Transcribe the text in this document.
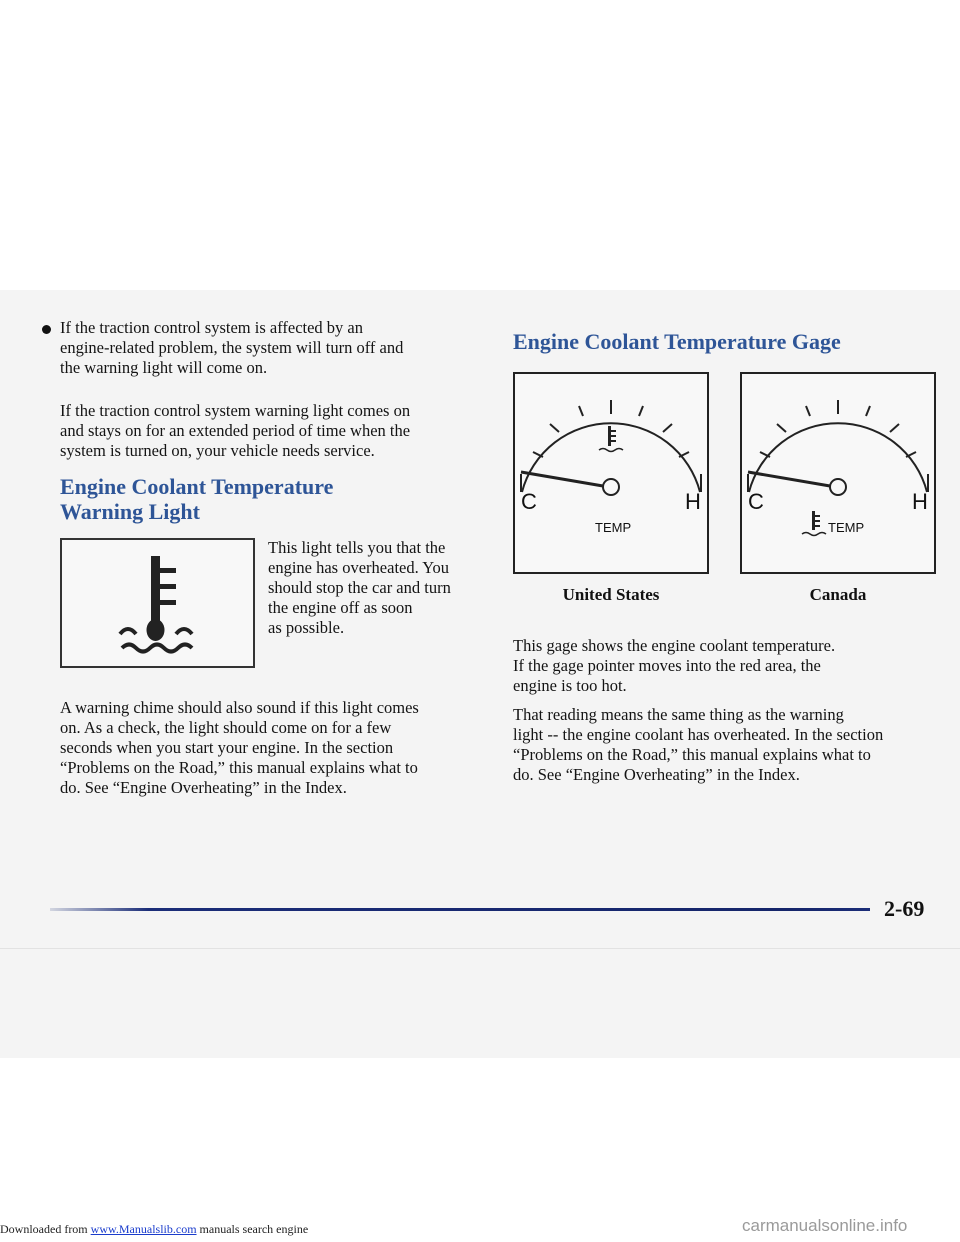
If the traction control system is affected by an
engine-related problem, the system will turn off and
the warning light will come on.
If the traction control system warning light comes on
and stays on for an extended period of time when the
system is turned on, your vehicle needs service.
Engine Coolant Temperature
Warning Light
This light tells you that the
engine has overheated. You
should stop the car and turn
the engine off as soon
as possible.
A warning chime should also sound if this light comes
on. As a check, the light should come on for a few
seconds when you start your engine. In the section
“Problems on the Road,” this manual explains what to
do. See “Engine Overheating” in the Index.
Engine Coolant Temperature Gage
C	H
TEMP
C	H
TEMP
United States	Canada
This gage shows the engine coolant temperature.
If the gage pointer moves into the red area, the
engine is too hot.
That reading means the same thing as the warning
light -- the engine coolant has overheated. In the section
“Problems on the Road,” this manual explains what to
do. See “Engine Overheating” in the Index.
2-69
Downloaded from www.Manualslib.com manuals search engine	carmanualsonline.info
